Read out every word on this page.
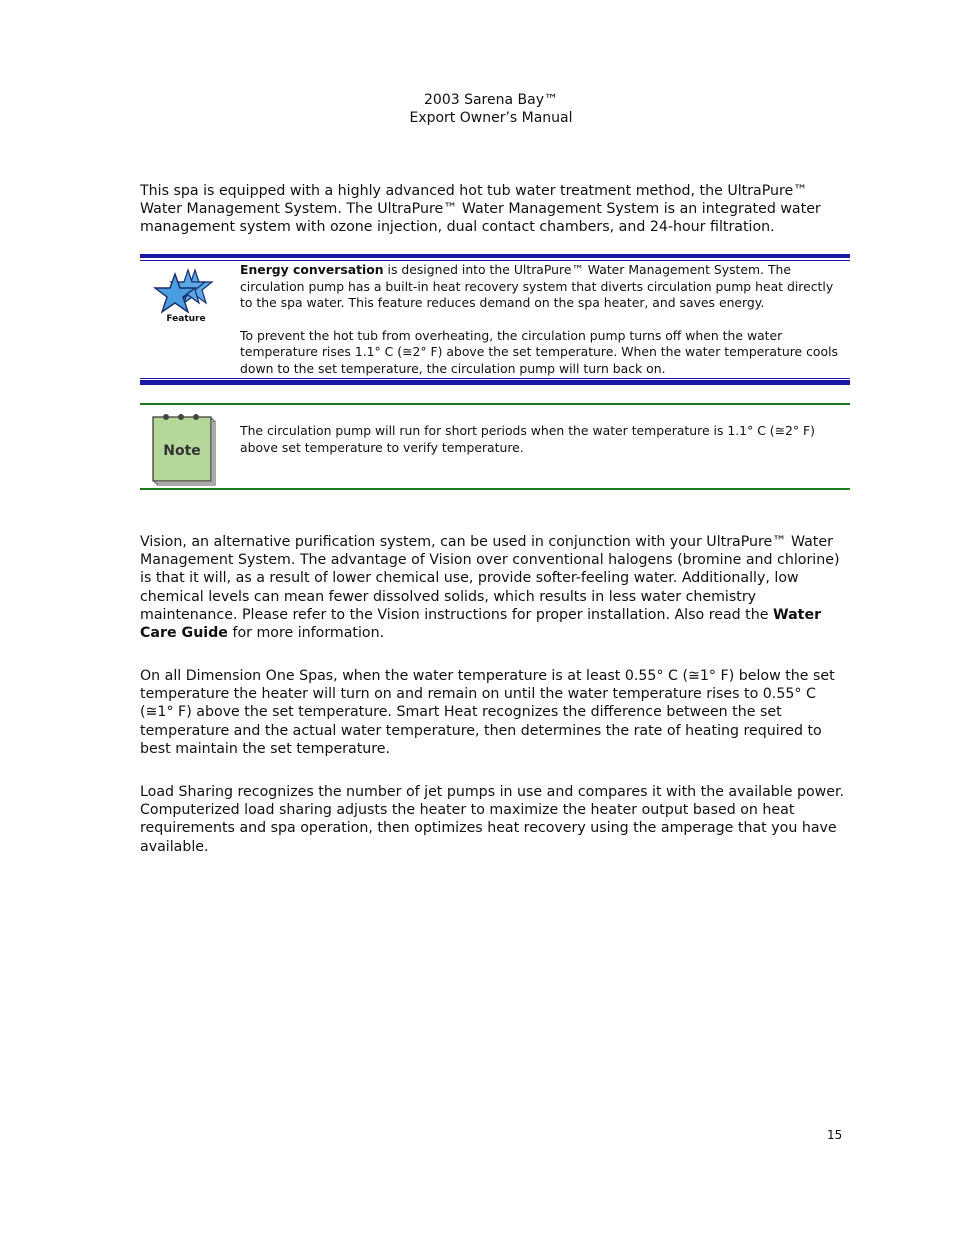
2003 Sarena Bay™
Export Owner’s Manual

This spa is equipped with a highly advanced hot tub water treatment method, the UltraPure™ Water Management System. The UltraPure™ Water Management System is an integrated water management system with ozone injection, dual contact chambers, and 24-hour filtration.

Feature

Energy conversation is designed into the UltraPure™ Water Management System. The circulation pump has a built-in heat recovery system that diverts circulation pump heat directly to the spa water. This feature reduces demand on the spa heater, and saves energy.

To prevent the hot tub from overheating, the circulation pump turns off when the water temperature rises 1.1° C (≅2° F) above the set temperature. When the water temperature cools down to the set temperature, the circulation pump will turn back on.

Note
The circulation pump will run for short periods when the water temperature is 1.1° C (≅2° F) above set temperature to verify temperature.

Vision, an alternative purification system, can be used in conjunction with your UltraPure™ Water Management System. The advantage of Vision over conventional halogens (bromine and chlorine) is that it will, as a result of lower chemical use, provide softer-feeling water. Additionally, low chemical levels can mean fewer dissolved solids, which results in less water chemistry maintenance. Please refer to the Vision instructions for proper installation. Also read the Water Care Guide for more information.

On all Dimension One Spas, when the water temperature is at least 0.55° C (≅1° F) below the set temperature the heater will turn on and remain on until the water temperature rises to 0.55° C (≅1° F) above the set temperature. Smart Heat recognizes the difference between the set temperature and the actual water temperature, then determines the rate of heating required to best maintain the set temperature.

Load Sharing recognizes the number of jet pumps in use and compares it with the available power. Computerized load sharing adjusts the heater to maximize the heater output based on heat requirements and spa operation, then optimizes heat recovery using the amperage that you have available.

15
